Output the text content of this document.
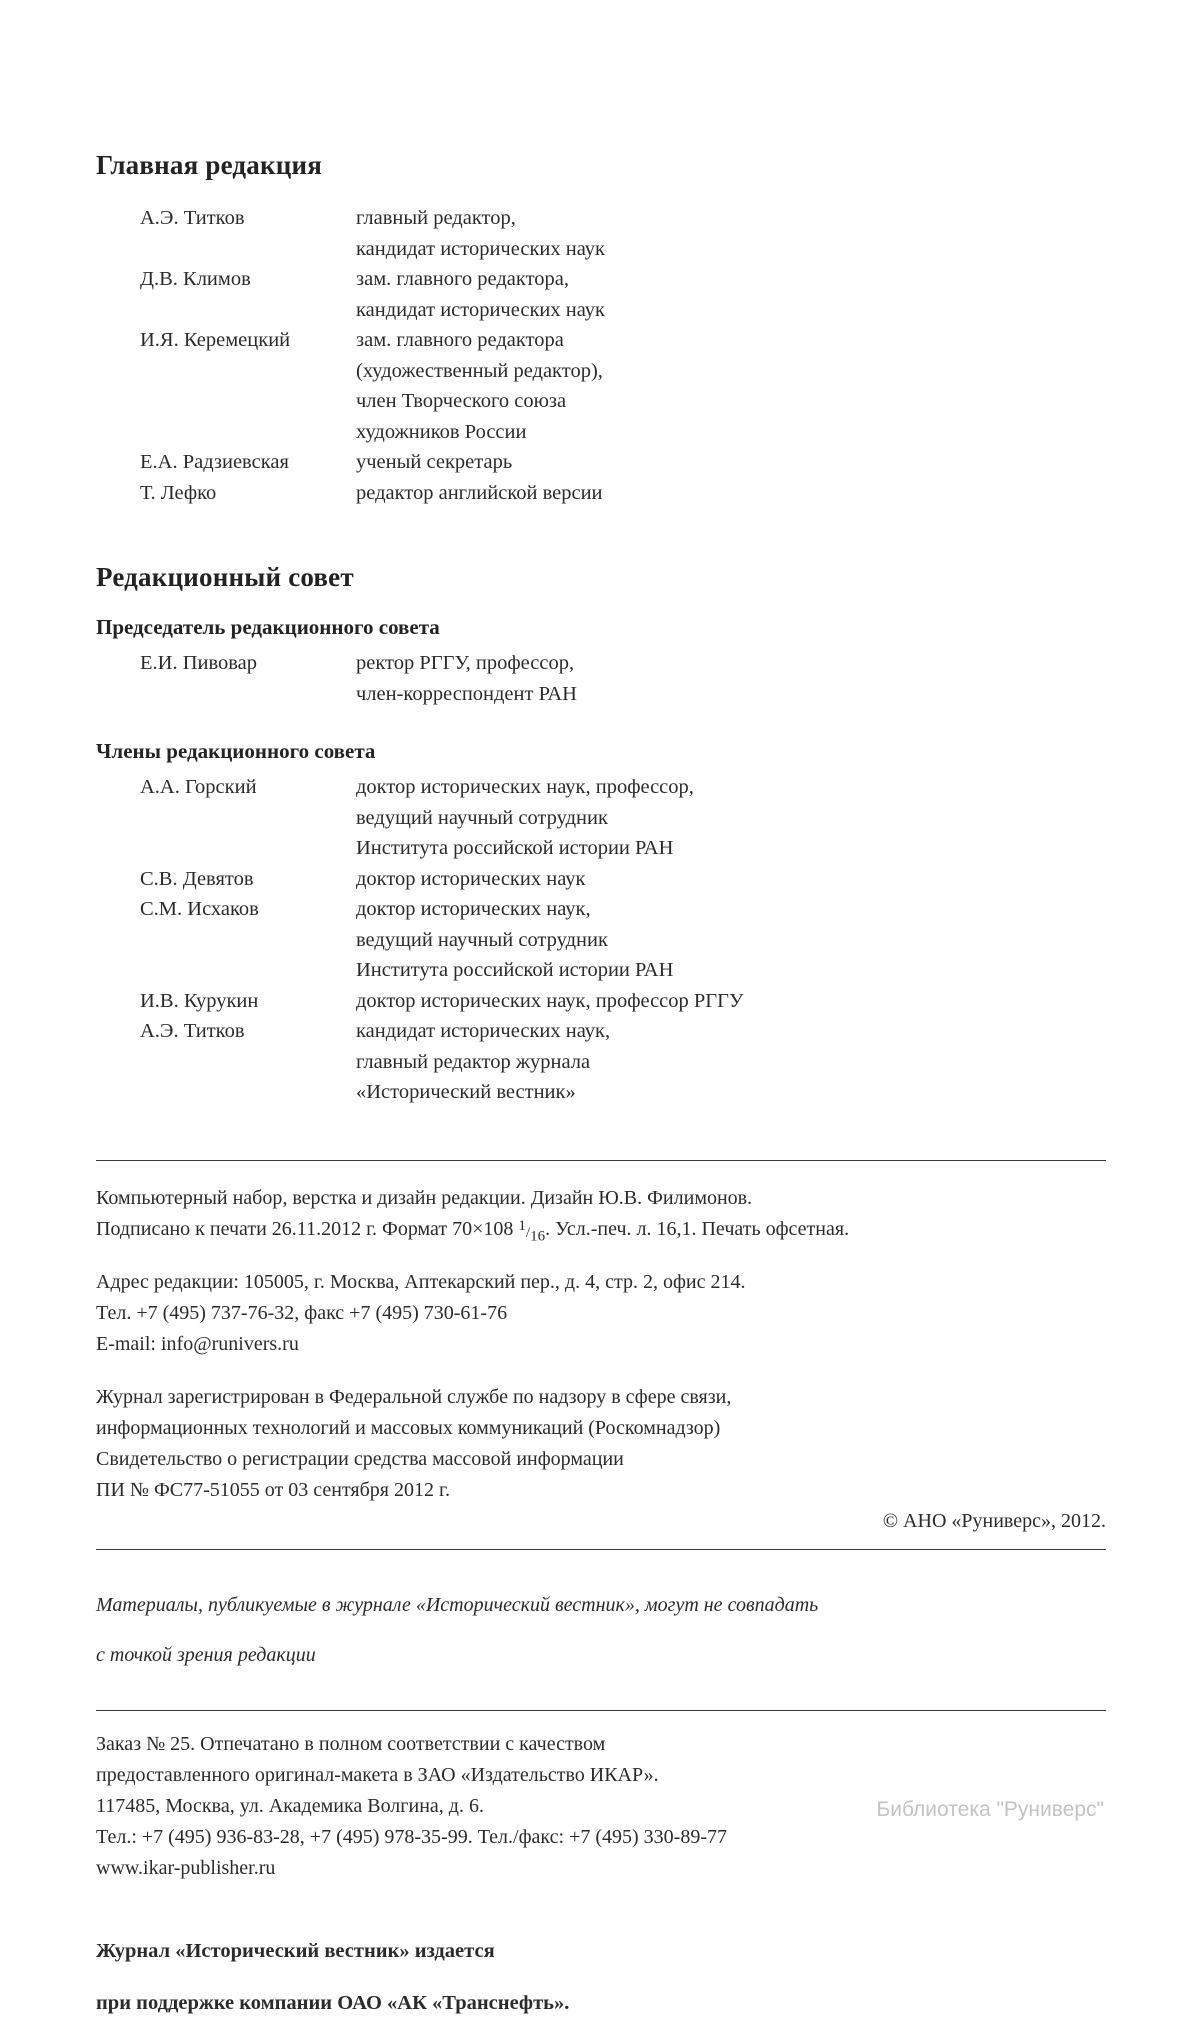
Главная редакция
А.Э. Титков	главный редактор,
кандидат исторических наук

Д.В. Климов	зам. главного редактора,
кандидат исторических наук

И.Я. Керемецкий	зам. главного редактора
(художественный редактор),
член Творческого союза
художников России

Е.А. Радзиевская	ученый секретарь

Т. Лефко	редактор английской версии
Редакционный совет
Председатель редакционного совета
Е.И. Пивовар	ректор РГГУ, профессор,
член-корреспондент РАН
Члены редакционного совета
А.А. Горский	доктор исторических наук, профессор,
ведущий научный сотрудник
Института российской истории РАН

С.В. Девятов	доктор исторических наук

С.М. Исхаков	доктор исторических наук,
ведущий научный сотрудник
Института российской истории РАН

И.В. Курукин	доктор исторических наук, профессор РГГУ

А.Э. Титков	кандидат исторических наук,
главный редактор журнала
«Исторический вестник»

Компьютерный набор, верстка и дизайн редакции. Дизайн Ю.В. Филимонов.

Подписано к печати 26.11.2012 г. Формат 70×108 $^1/_{16}$. Усл.-печ. л. 16,1. Печать офсетная.

Адрес редакции: 105005, г. Москва, Аптекарский пер., д. 4, стр. 2, офис 214.

Тел. +7 (495) 737-76-32, факс +7 (495) 730-61-76

E-mail: info@runivers.ru

Журнал зарегистрирован в Федеральной службе по надзору в сфере связи,

информационных технологий и массовых коммуникаций (Роскомнадзор)

Свидетельство о регистрации средства массовой информации

ПИ № ФС77-51055 от 03 сентября 2012 г.

© АНО «Руниверс», 2012.

Материалы, публикуемые в журнале «Исторический вестник», могут не совпадать

с точкой зрения редакции

Заказ № 25. Отпечатано в полном соответствии с качеством

предоставленного оригинал-макета в ЗАО «Издательство ИКАР».

117485, Москва, ул. Академика Волгина, д. 6.

Тел.: +7 (495) 936-83-28, +7 (495) 978-35-99. Тел./факс: +7 (495) 330-89-77

www.ikar-publisher.ru

Журнал «Исторический вестник» издается

при поддержке компании ОАО «АК «Транснефть».

Библиотека "Руниверс"
